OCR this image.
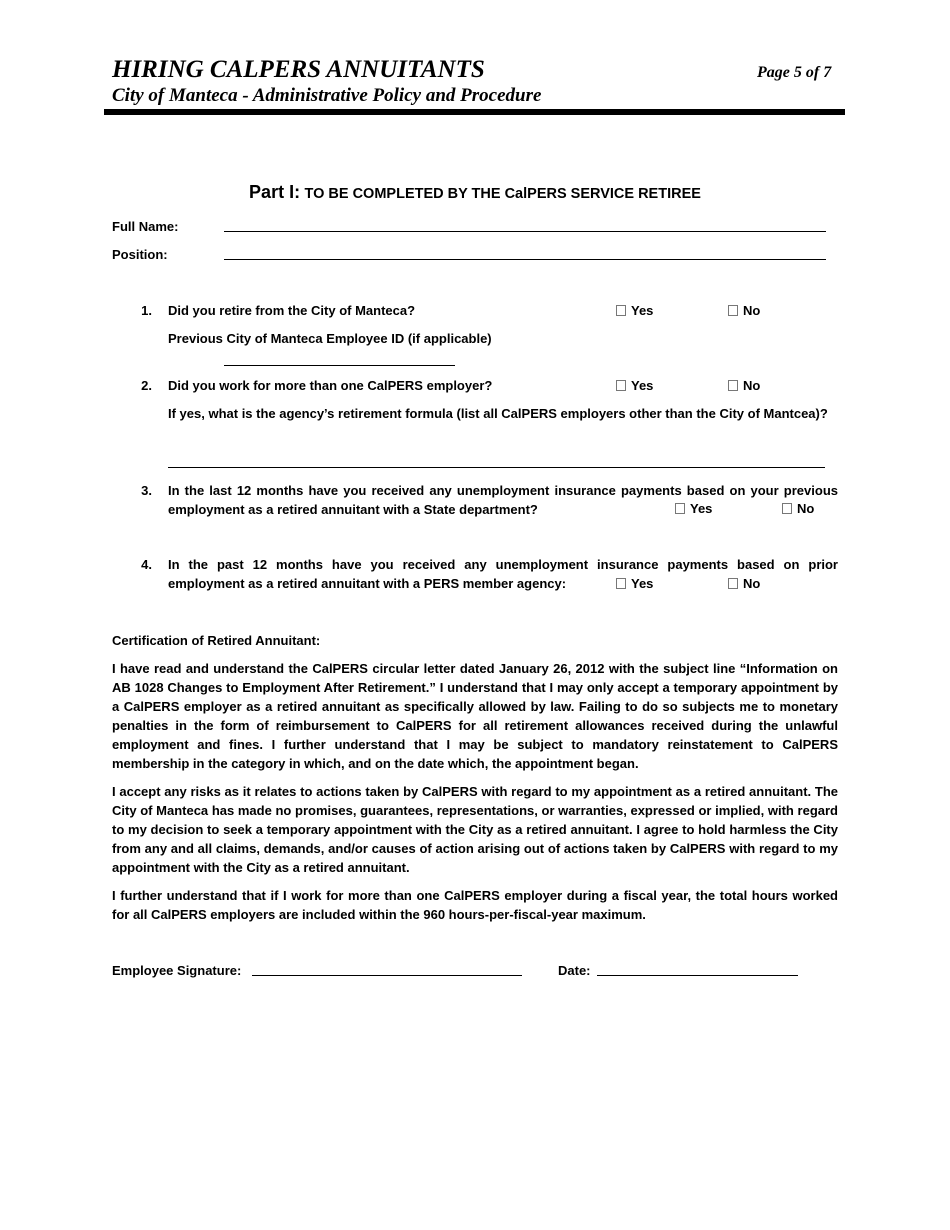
HIRING CALPERS ANNUITANTS
City of Manteca - Administrative Policy and Procedure
Page 5 of 7
Part I: TO BE COMPLETED BY THE CalPERS SERVICE RETIREE
Full Name:
Position:
1. Did you retire from the City of Manteca?	Yes	No
Previous City of Manteca Employee ID (if applicable)
2. Did you work for more than one CalPERS employer?	Yes	No
If yes, what is the agency’s retirement formula (list all CalPERS employers other than the City of Mantcea)?
3. In the last 12 months have you received any unemployment insurance payments based on your previous employment as a retired annuitant with a State department?	Yes	No
4. In the past 12 months have you received any unemployment insurance payments based on prior employment as a retired annuitant with a PERS member agency:	Yes	No
Certification of Retired Annuitant:

I have read and understand the CalPERS circular letter dated January 26, 2012 with the subject line “Information on AB 1028 Changes to Employment After Retirement.” I understand that I may only accept a temporary appointment by a CalPERS employer as a retired annuitant as specifically allowed by law. Failing to do so subjects me to monetary penalties in the form of reimbursement to CalPERS for all retirement allowances received during the unlawful employment and fines. I further understand that I may be subject to mandatory reinstatement to CalPERS membership in the category in which, and on the date which, the appointment began.

I accept any risks as it relates to actions taken by CalPERS with regard to my appointment as a retired annuitant. The City of Manteca has made no promises, guarantees, representations, or warranties, expressed or implied, with regard to my decision to seek a temporary appointment with the City as a retired annuitant. I agree to hold harmless the City from any and all claims, demands, and/or causes of action arising out of actions taken by CalPERS with regard to my appointment with the City as a retired annuitant.

I further understand that if I work for more than one CalPERS employer during a fiscal year, the total hours worked for all CalPERS employers are included within the 960 hours-per-fiscal-year maximum.

Employee Signature:	Date:
